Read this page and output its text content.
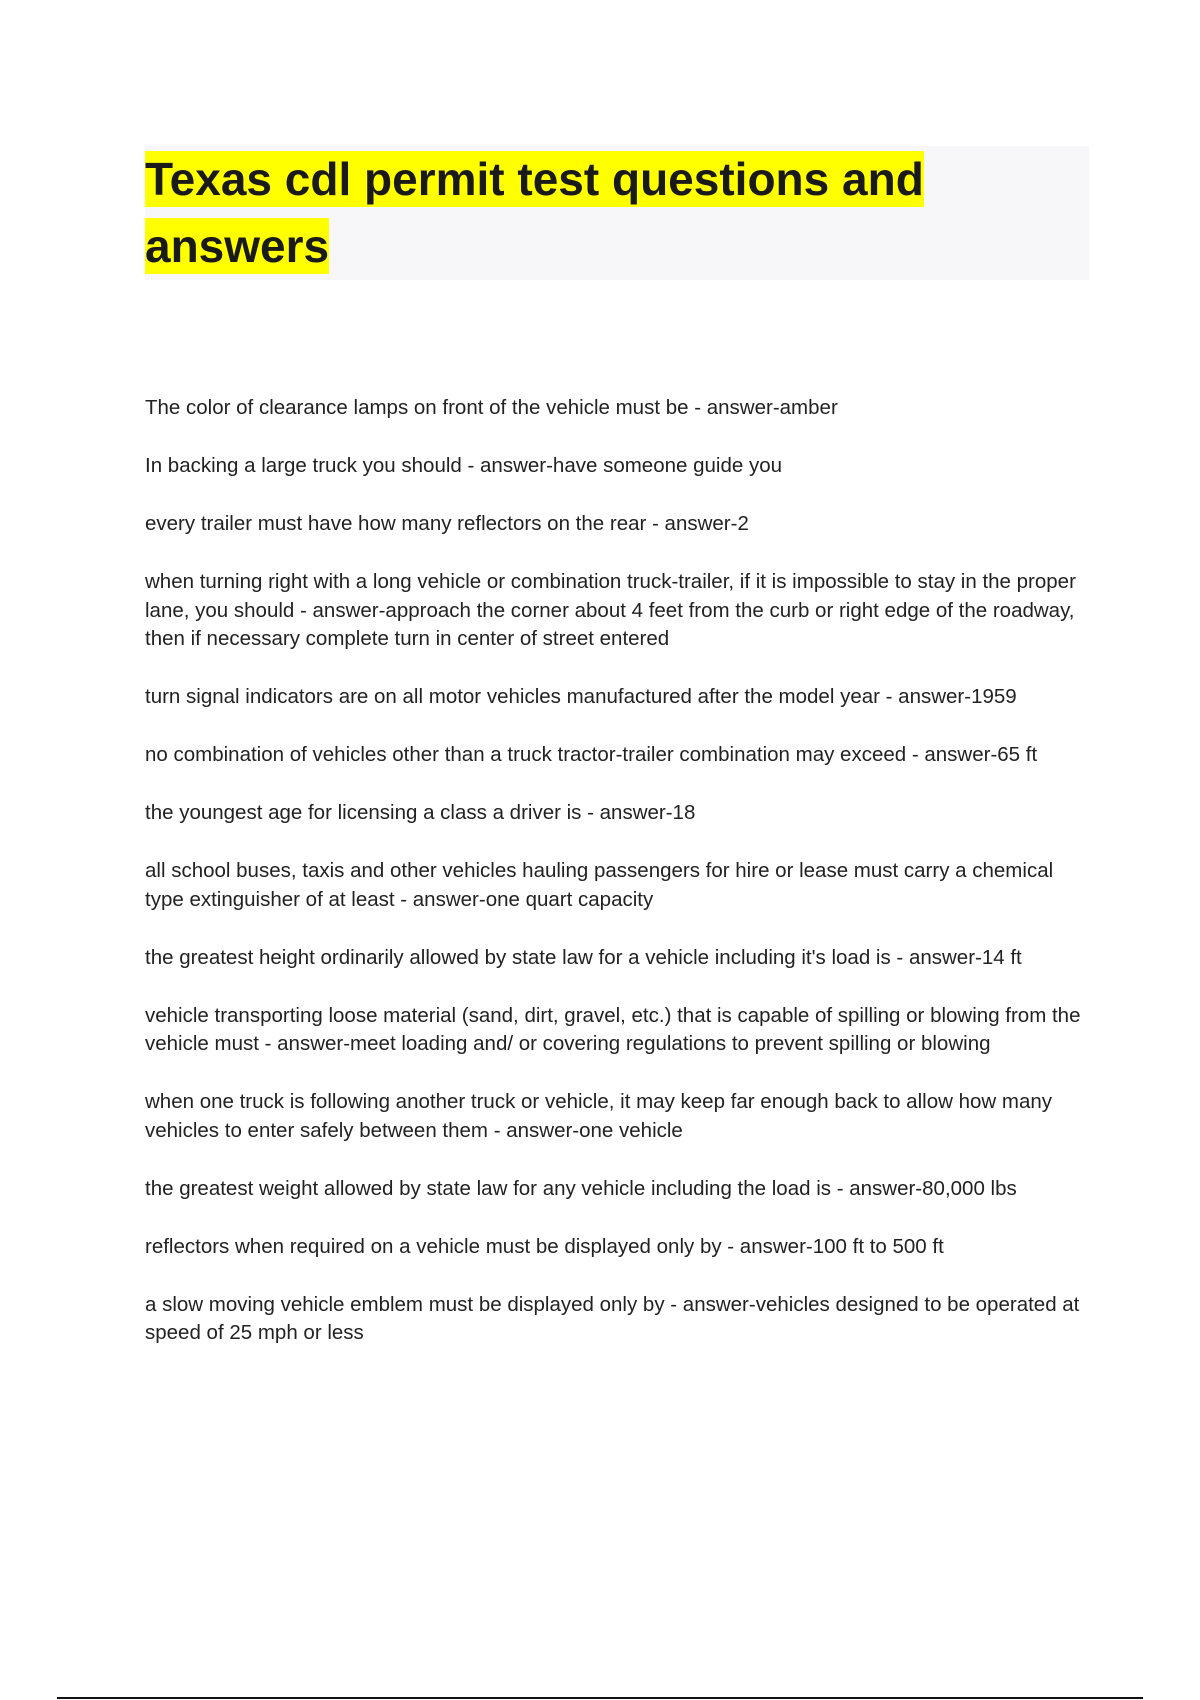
Texas cdl permit test questions and answers
The color of clearance lamps on front of the vehicle must be - answer-amber
In backing a large truck you should - answer-have someone guide you
every trailer must have how many reflectors on the rear - answer-2
when turning right with a long vehicle or combination truck-trailer, if it is impossible to stay in the proper lane, you should - answer-approach the corner about 4 feet from the curb or right edge of the roadway, then if necessary complete turn in center of street entered
turn signal indicators are on all motor vehicles manufactured after the model year - answer-1959
no combination of vehicles other than a truck tractor-trailer combination may exceed - answer-65 ft
the youngest age for licensing a class a driver is - answer-18
all school buses, taxis and other vehicles hauling passengers for hire or lease must carry a chemical type extinguisher of at least - answer-one quart capacity
the greatest height ordinarily allowed by state law for a vehicle including it's load is - answer-14 ft
vehicle transporting loose material (sand, dirt, gravel, etc.) that is capable of spilling or blowing from the vehicle must - answer-meet loading and/ or covering regulations to prevent spilling or blowing
when one truck is following another truck or vehicle, it may keep far enough back to allow how many vehicles to enter safely between them - answer-one vehicle
the greatest weight allowed by state law for any vehicle including the load is - answer-80,000 lbs
reflectors when required on a vehicle must be displayed only by - answer-100 ft to 500 ft
a slow moving vehicle emblem must be displayed only by - answer-vehicles designed to be operated at speed of 25 mph or less
